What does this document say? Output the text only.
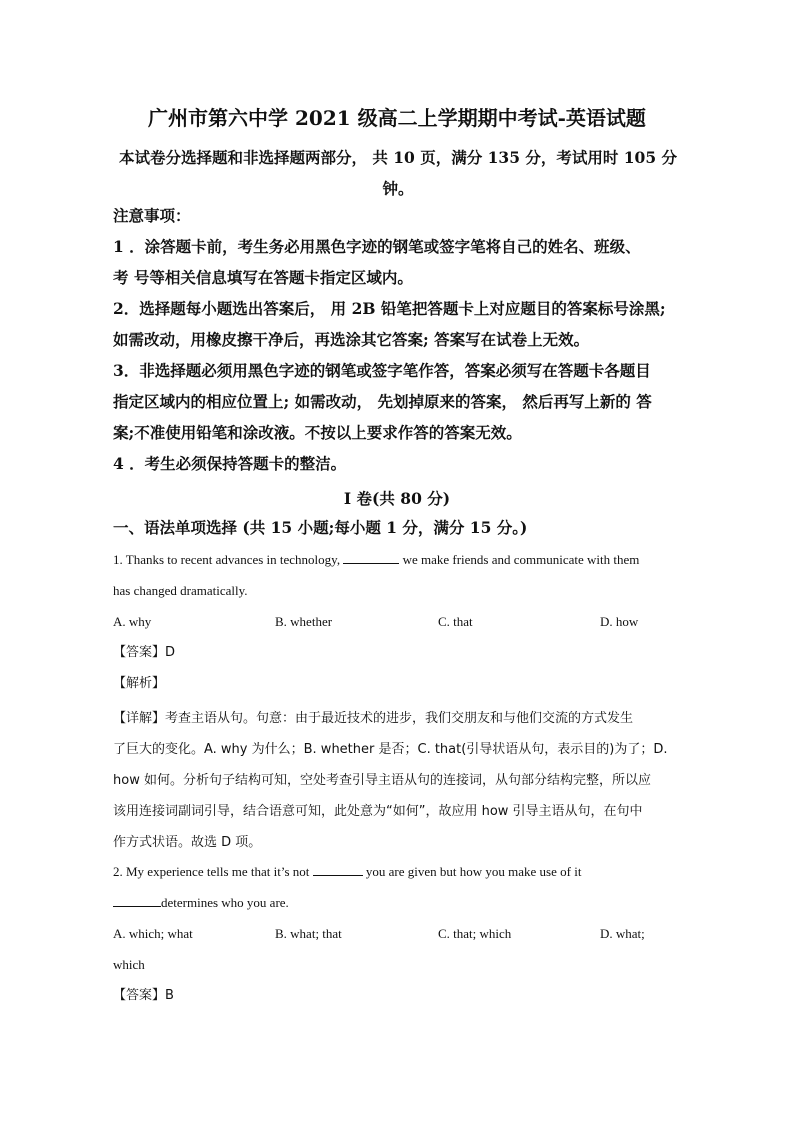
广州市第六中学 2021 级高二上学期期中考试-英语试题
本试卷分选择题和非选择题两部分， 共 10 页，满分 135 分，考试用时 105 分钟。
注意事项：
1 ．涂答题卡前，考生务必用黑色字迹的钢笔或签字笔将自己的姓名、班级、
考 号等相关信息填写在答题卡指定区域内。
2．选择题每小题选出答案后， 用 2B 铅笔把答题卡上对应题目的答案标号涂黑;
如需改动，用橡皮擦干净后，再选涂其它答案; 答案写在试卷上无效。
3．非选择题必须用黑色字迹的钢笔或签字笔作答，答案必须写在答题卡各题目
指定区域内的相应位置上; 如需改动， 先划掉原来的答案， 然后再写上新的 答
案;不准使用铅笔和涂改液。不按以上要求作答的答案无效。
4 ．考生必须保持答题卡的整洁。
I 卷(共 80 分)
一、语法单项选择 (共 15 小题;每小题 1 分，满分 15 分。)

1. Thanks to recent advances in technology,	we make friends and communicate with them

has changed dramatically.

A. why	B. whether	C. that	D. how
【答案】D
【解析】
【详解】考查主语从句。句意：由于最近技术的进步，我们交朋友和与他们交流的方式发生
了巨大的变化。A. why 为什么；B. whether 是否；C. that(引导状语从句，表示目的)为了；D.
how 如何。分析句子结构可知，空处考查引导主语从句的连接词，从句部分结构完整，所以应
该用连接词副词引导，结合语意可知，此处意为“如何”，故应用 how 引导主语从句，在句中
作方式状语。故选 D 项。

2. My experience tells me that it’s not	you are given but how you make use of it

determines who you are.

A. which; what	B. what; that	C. that; which	D. what;
which
【答案】B
